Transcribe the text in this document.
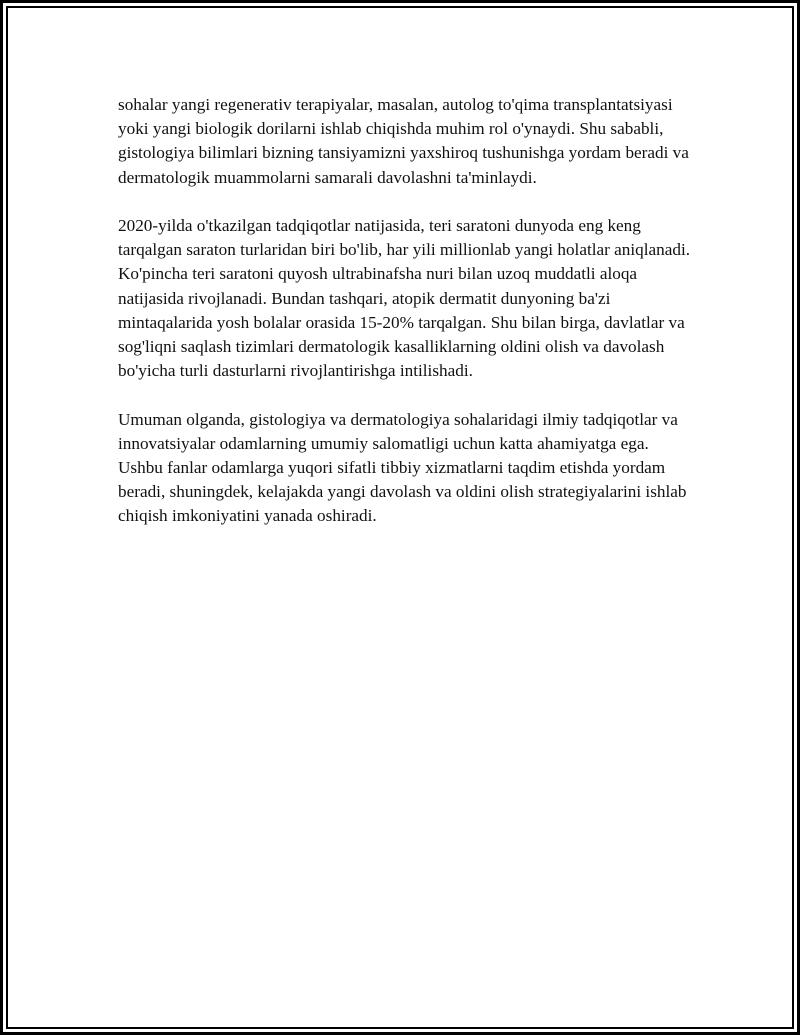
sohalar yangi regenerativ terapiyalar, masalan, autolog to'qima transplantatsiyasi yoki yangi biologik dorilarni ishlab chiqishda muhim rol o'ynaydi. Shu sababli, gistologiya bilimlari bizning tansiyamizni yaxshiroq tushunishga yordam beradi va dermatologik muammolarni samarali davolashni ta'minlaydi.

2020-yilda o'tkazilgan tadqiqotlar natijasida, teri saratoni dunyoda eng keng tarqalgan saraton turlaridan biri bo'lib, har yili millionlab yangi holatlar aniqlanadi. Ko'pincha teri saratoni quyosh ultrabinafsha nuri bilan uzoq muddatli aloqa natijasida rivojlanadi. Bundan tashqari, atopik dermatit dunyoning ba'zi mintaqalarida yosh bolalar orasida 15-20% tarqalgan. Shu bilan birga, davlatlar va sog'liqni saqlash tizimlari dermatologik kasalliklarning oldini olish va davolash bo'yicha turli dasturlarni rivojlantirishga intilishadi.

Umuman olganda, gistologiya va dermatologiya sohalaridagi ilmiy tadqiqotlar va innovatsiyalar odamlarning umumiy salomatligi uchun katta ahamiyatga ega. Ushbu fanlar odamlarga yuqori sifatli tibbiy xizmatlarni taqdim etishda yordam beradi, shuningdek, kelajakda yangi davolash va oldini olish strategiyalarini ishlab chiqish imkoniyatini yanada oshiradi.
